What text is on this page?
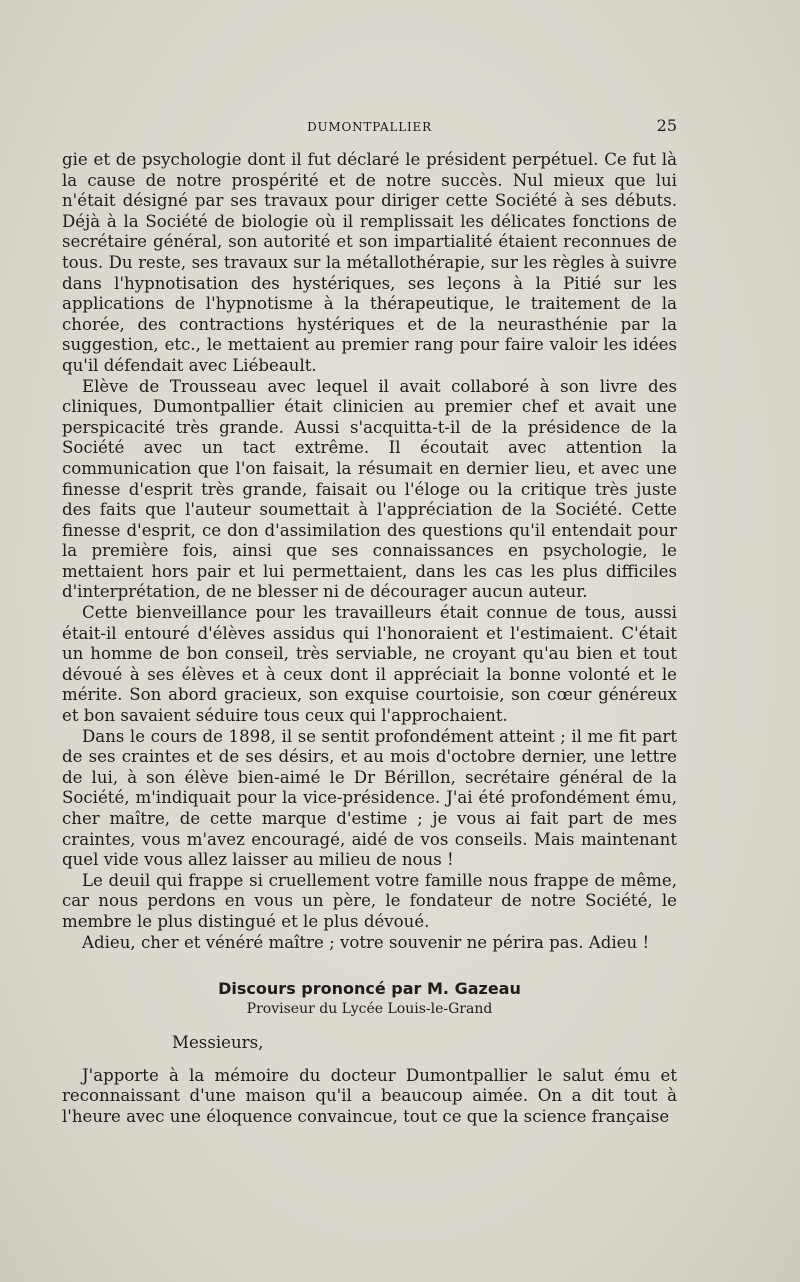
DUMONTPALLIER	25

gie et de psychologie dont il fut déclaré le président perpétuel. Ce fut là la cause de notre prospérité et de notre succès. Nul mieux que lui n'était désigné par ses travaux pour diriger cette Société à ses débuts. Déjà à la Société de biologie où il remplissait les délicates fonctions de secrétaire général, son autorité et son impartialité étaient reconnues de tous. Du reste, ses travaux sur la métallothérapie, sur les règles à suivre dans l'hypnotisation des hystériques, ses leçons à la Pitié sur les applications de l'hypnotisme à la thérapeutique, le traitement de la chorée, des contractions hystériques et de la neurasthénie par la suggestion, etc., le mettaient au premier rang pour faire valoir les idées qu'il défendait avec Liébeault.

Elève de Trousseau avec lequel il avait collaboré à son livre des cliniques, Dumontpallier était clinicien au premier chef et avait une perspicacité très grande. Aussi s'acquitta-t-il de la présidence de la Société avec un tact extrême. Il écoutait avec attention la communication que l'on faisait, la résumait en dernier lieu, et avec une finesse d'esprit très grande, faisait ou l'éloge ou la critique très juste des faits que l'auteur soumettait à l'appréciation de la Société. Cette finesse d'esprit, ce don d'assimilation des questions qu'il entendait pour la première fois, ainsi que ses connaissances en psychologie, le mettaient hors pair et lui permettaient, dans les cas les plus difficiles d'interprétation, de ne blesser ni de décourager aucun auteur.

Cette bienveillance pour les travailleurs était connue de tous, aussi était-il entouré d'élèves assidus qui l'honoraient et l'estimaient. C'était un homme de bon conseil, très serviable, ne croyant qu'au bien et tout dévoué à ses élèves et à ceux dont il appréciait la bonne volonté et le mérite. Son abord gracieux, son exquise courtoisie, son cœur généreux et bon savaient séduire tous ceux qui l'approchaient.

Dans le cours de 1898, il se sentit profondément atteint ; il me fit part de ses craintes et de ses désirs, et au mois d'octobre dernier, une lettre de lui, à son élève bien-aimé le Dr Bérillon, secrétaire général de la Société, m'indiquait pour la vice-présidence. J'ai été profondément ému, cher maître, de cette marque d'estime ; je vous ai fait part de mes craintes, vous m'avez encouragé, aidé de vos conseils. Mais maintenant quel vide vous allez laisser au milieu de nous !

Le deuil qui frappe si cruellement votre famille nous frappe de même, car nous perdons en vous un père, le fondateur de notre Société, le membre le plus distingué et le plus dévoué.

Adieu, cher et vénéré maître ; votre souvenir ne périra pas. Adieu !

Discours prononcé par M. Gazeau
Proviseur du Lycée Louis-le-Grand
Messieurs,

J'apporte à la mémoire du docteur Dumontpallier le salut ému et reconnaissant d'une maison qu'il a beaucoup aimée. On a dit tout à l'heure avec une éloquence convaincue, tout ce que la science française
